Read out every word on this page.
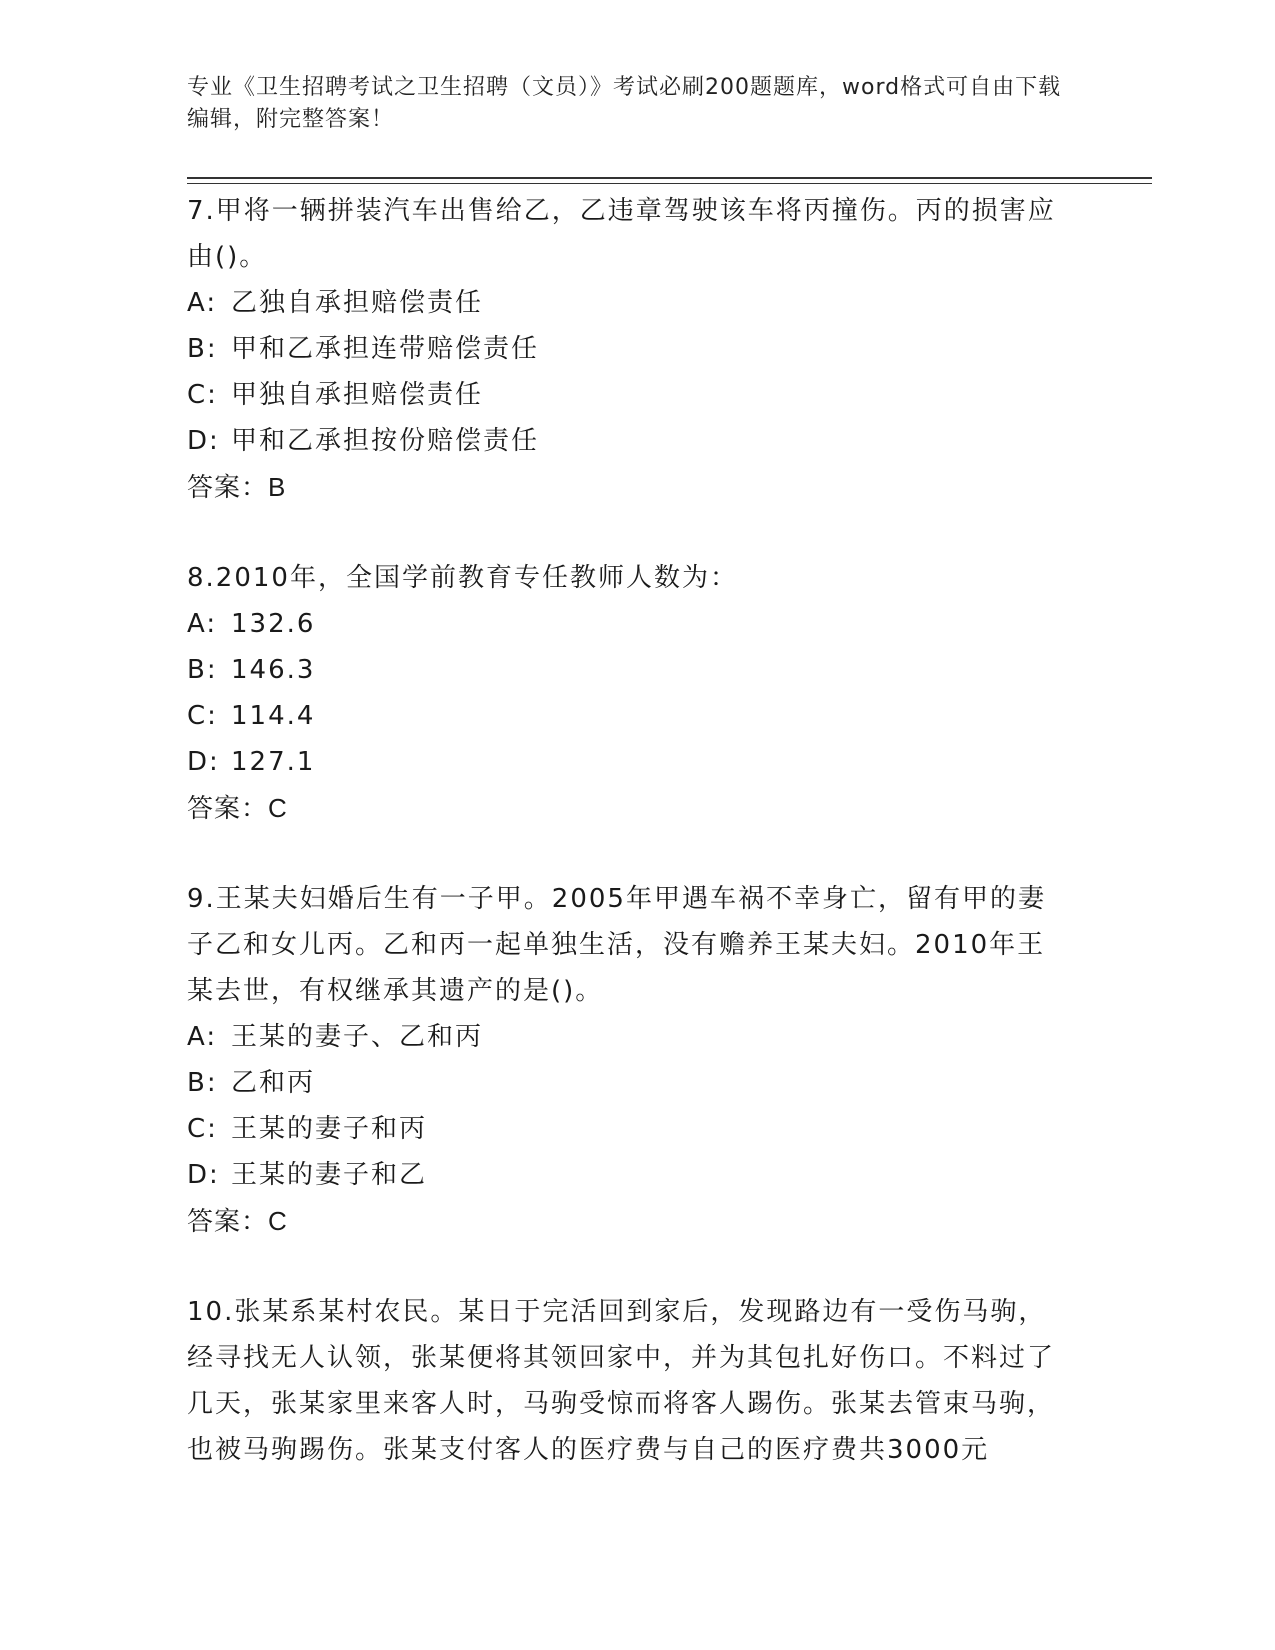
专业《卫生招聘考试之卫生招聘（文员）》考试必刷200题题库，word格式可自由下载编辑，附完整答案！

7.甲将一辆拼装汽车出售给乙，乙违章驾驶该车将丙撞伤。丙的损害应由()。

A: 乙独自承担赔偿责任

B: 甲和乙承担连带赔偿责任

C: 甲独自承担赔偿责任

D: 甲和乙承担按份赔偿责任

答案：B

8.2010年，全国学前教育专任教师人数为：

A: 132.6

B: 146.3

C: 114.4

D: 127.1

答案：C

9.王某夫妇婚后生有一子甲。2005年甲遇车祸不幸身亡，留有甲的妻子乙和女儿丙。乙和丙一起单独生活，没有赡养王某夫妇。2010年王某去世，有权继承其遗产的是()。

A: 王某的妻子、乙和丙

B: 乙和丙

C: 王某的妻子和丙

D: 王某的妻子和乙

答案：C

10.张某系某村农民。某日于完活回到家后，发现路边有一受伤马驹，经寻找无人认领，张某便将其领回家中，并为其包扎好伤口。不料过了几天，张某家里来客人时，马驹受惊而将客人踢伤。张某去管束马驹，也被马驹踢伤。张某支付客人的医疗费与自己的医疗费共3000元
